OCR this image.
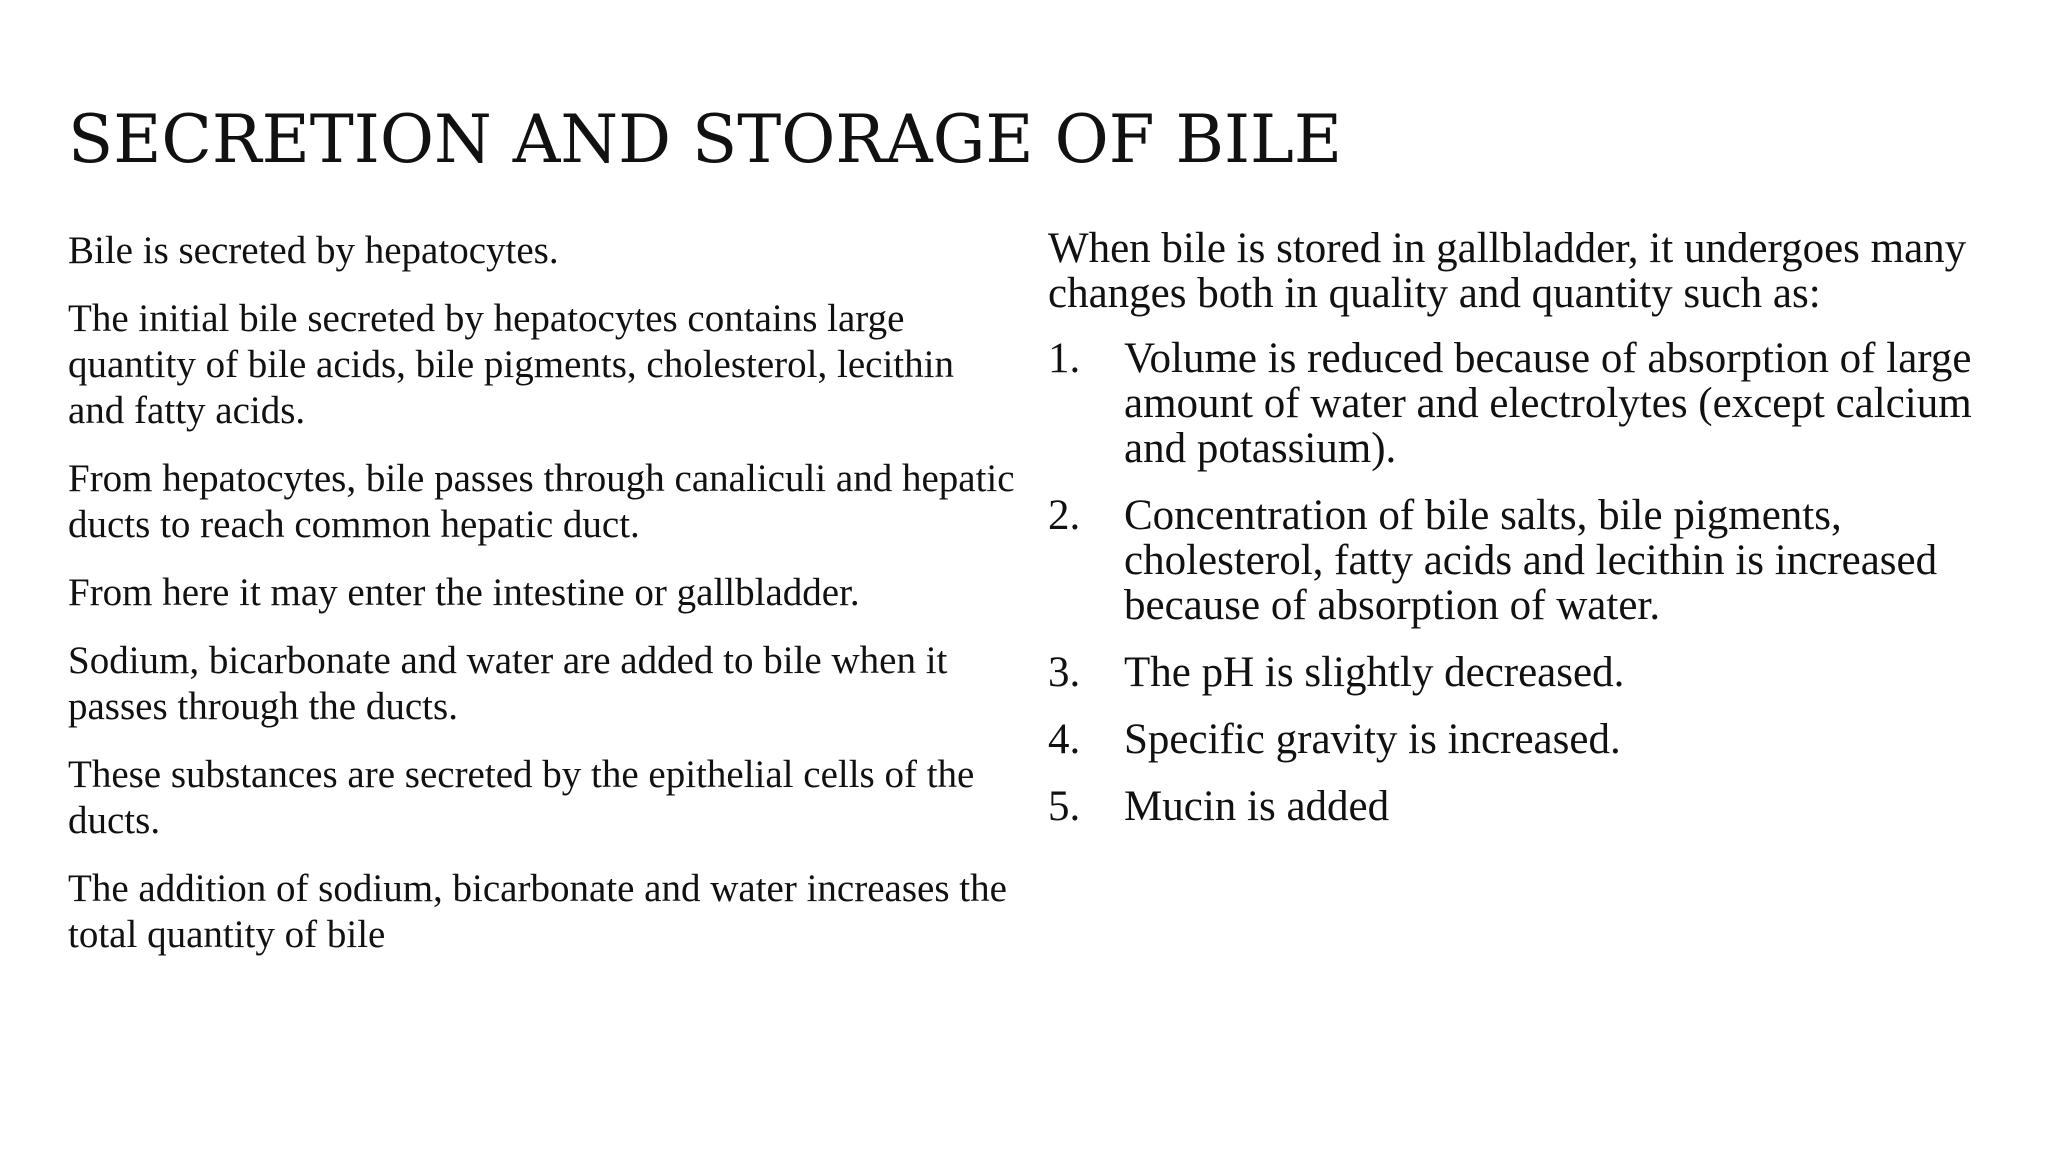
SECRETION AND STORAGE OF BILE

Bile is secreted by hepatocytes.

The initial bile secreted by hepatocytes contains large quantity of bile acids, bile pigments, cholesterol, lecithin and fatty acids.

From hepatocytes, bile passes through canaliculi and hepatic ducts to reach common hepatic duct.

From here it may enter the intestine or gallbladder.

Sodium, bicarbonate and water are added to bile when it passes through the ducts.

These substances are secreted by the epithelial cells of the ducts.

The addition of sodium, bicarbonate and water increases the total quantity of bile

When bile is stored in gallbladder, it undergoes many changes both in quality and quantity such as:

1. Volume is reduced because of absorption of large amount of water and electrolytes (except calcium and potassium).
2. Concentration of bile salts, bile pigments, cholesterol, fatty acids and lecithin is increased because of absorption of water.
3. The pH is slightly decreased.
4. Specific gravity is increased.
5. Mucin is added
